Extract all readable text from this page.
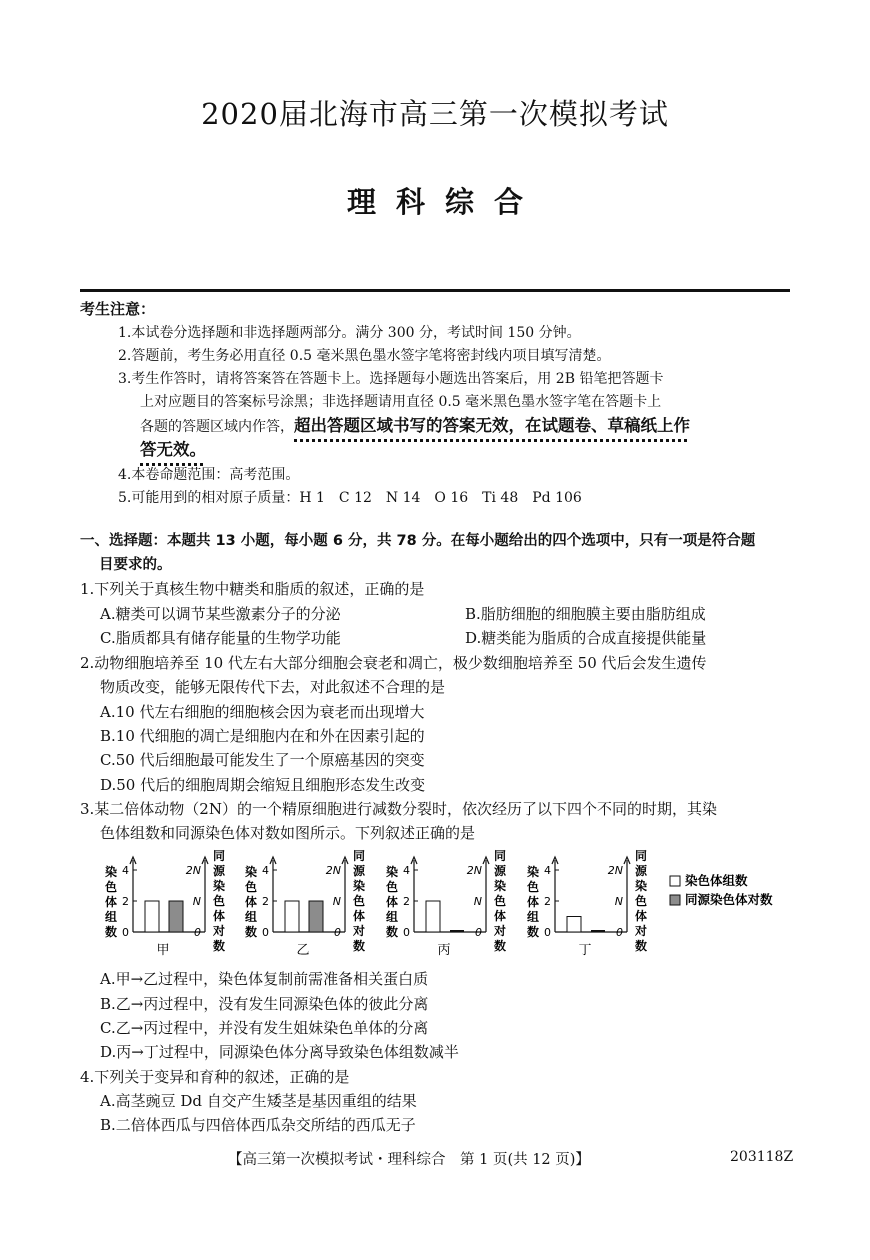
2020届北海市高三第一次模拟考试
理科综合
考生注意：
1.本试卷分选择题和非选择题两部分。满分 300 分，考试时间 150 分钟。
2.答题前，考生务必用直径 0.5 毫米黑色墨水签字笔将密封线内项目填写清楚。
3.考生作答时，请将答案答在答题卡上。选择题每小题选出答案后，用 2B 铅笔把答题卡
上对应题目的答案标号涂黑；非选择题请用直径 0.5 毫米黑色墨水签字笔在答题卡上
各题的答题区域内作答，超出答题区域书写的答案无效，在试题卷、草稿纸上作
答无效。
4.本卷命题范围：高考范围。
5.可能用到的相对原子质量：H 1　C 12　N 14　O 16　Ti 48　Pd 106
一、选择题：本题共 13 小题，每小题 6 分，共 78 分。在每小题给出的四个选项中，只有一项是符合题
目要求的。
1.下列关于真核生物中糖类和脂质的叙述，正确的是
A.糖类可以调节某些激素分子的分泌	B.脂肪细胞的细胞膜主要由脂肪组成
C.脂质都具有储存能量的生物学功能	D.糖类能为脂质的合成直接提供能量
2.动物细胞培养至 10 代左右大部分细胞会衰老和凋亡，极少数细胞培养至 50 代后会发生遗传
物质改变，能够无限传代下去，对此叙述不合理的是
A.10 代左右细胞的细胞核会因为衰老而出现增大
B.10 代细胞的凋亡是细胞内在和外在因素引起的
C.50 代后细胞最可能发生了一个原癌基因的突变
D.50 代后的细胞周期会缩短且细胞形态发生改变
3.某二倍体动物（2N）的一个精原细胞进行减数分裂时，依次经历了以下四个不同的时期，其染
色体组数和同源染色体对数如图所示。下列叙述正确的是
染
色
体
组
数 0
2
4
0
N
2N
同
源
染
色
体
对
数
甲
染
色
体
组
数 0
2
4
0
N
2N
同
源
染
色
体
对
数
乙
染
色
体
组
数 0
2
4
0
N
2N
同
源
染
色
体
对
数
丙
染
色
体
组
数 0
2
4
0
N
2N
同
源
染
色
体
对
数
丁
染色体组数
同源染色体对数
A.甲→乙过程中，染色体复制前需准备相关蛋白质
B.乙→丙过程中，没有发生同源染色体的彼此分离
C.乙→丙过程中，并没有发生姐妹染色单体的分离
D.丙→丁过程中，同源染色体分离导致染色体组数减半
4.下列关于变异和育种的叙述，正确的是
A.高茎豌豆 Dd 自交产生矮茎是基因重组的结果
B.二倍体西瓜与四倍体西瓜杂交所结的西瓜无子
【高三第一次模拟考试・理科综合　第 1 页(共 12 页)】	203118Z
